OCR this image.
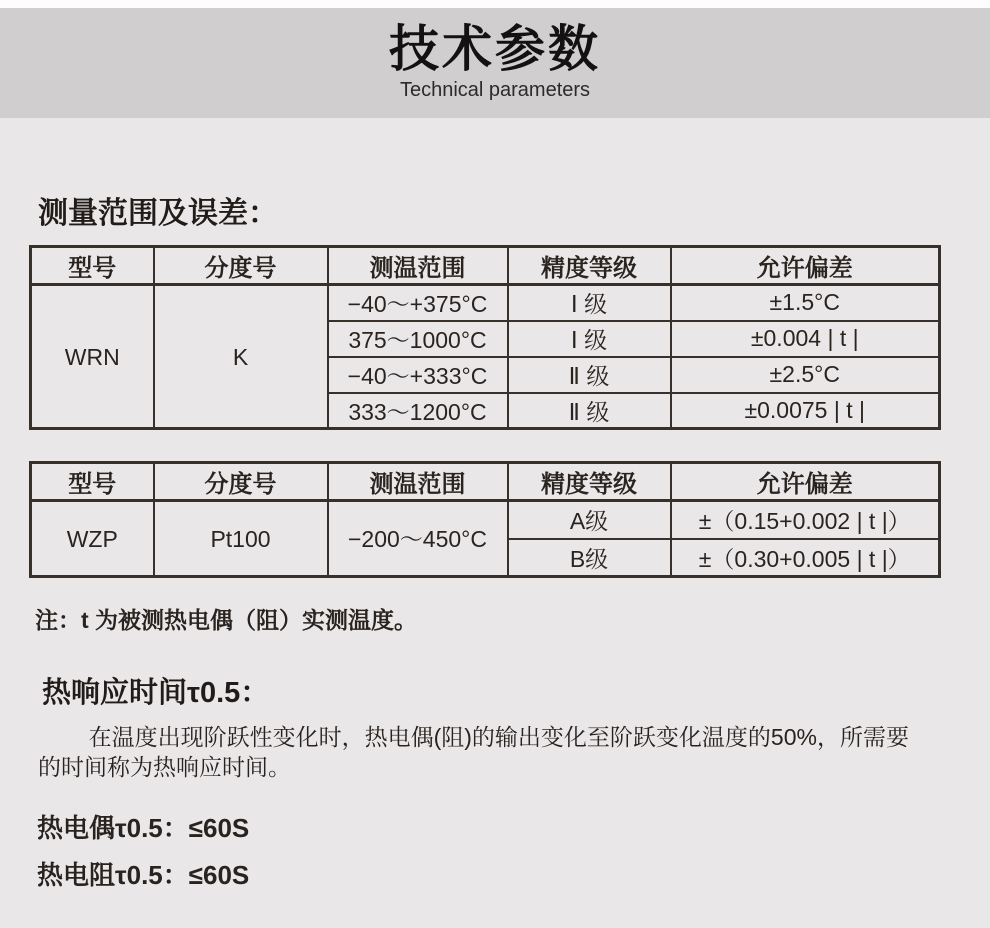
技术参数
Technical parameters
测量范围及误差：
型号	分度号	测温范围	精度等级	允许偏差
WRN	K	−40～+375°C	Ⅰ 级	±1.5°C
		375～1000°C	Ⅰ 级	±0.004 | t |
		−40～+333°C	Ⅱ 级	±2.5°C
		333～1200°C	Ⅱ 级	±0.0075 | t |
型号	分度号	测温范围	精度等级	允许偏差
WZP	Pt100	−200～450°C	A级	±（0.15+0.002 | t |）
			B级	±（0.30+0.005 | t |）
注：t 为被测热电偶（阻）实测温度。
热响应时间τ0.5：
在温度出现阶跃性变化时，热电偶(阻)的输出变化至阶跃变化温度的50%，所需要的时间称为热响应时间。
热电偶τ0.5：≤60S
热电阻τ0.5：≤60S
